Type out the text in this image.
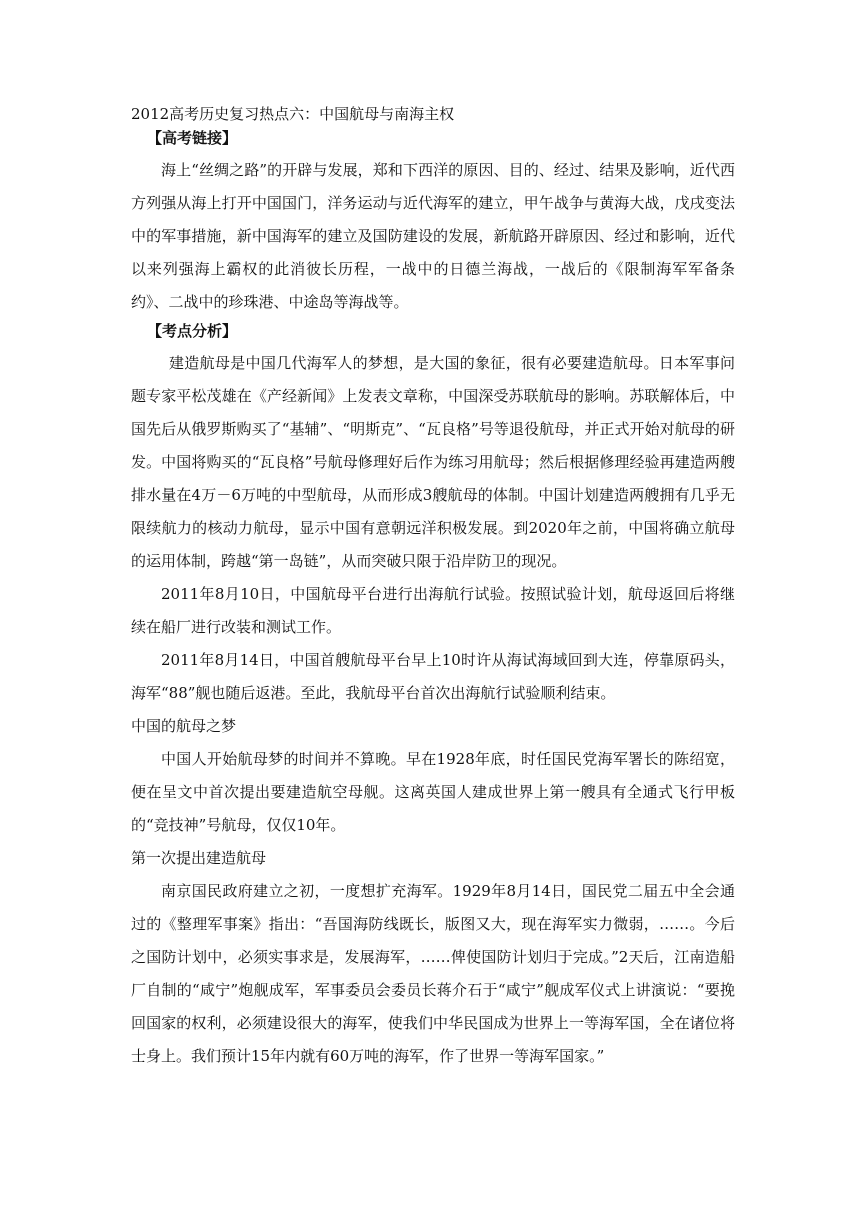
2012高考历史复习热点六：中国航母与南海主权

【高考链接】

海上“丝绸之路”的开辟与发展，郑和下西洋的原因、目的、经过、结果及影响，近代西方列强从海上打开中国国门，洋务运动与近代海军的建立，甲午战争与黄海大战，戊戌变法中的军事措施，新中国海军的建立及国防建设的发展，新航路开辟原因、经过和影响，近代以来列强海上霸权的此消彼长历程，一战中的日德兰海战，一战后的《限制海军军备条约》、二战中的珍珠港、中途岛等海战等。

【考点分析】

建造航母是中国几代海军人的梦想，是大国的象征，很有必要建造航母。日本军事问题专家平松茂雄在《产经新闻》上发表文章称，中国深受苏联航母的影响。苏联解体后，中国先后从俄罗斯购买了“基辅”、“明斯克”、“瓦良格”号等退役航母，并正式开始对航母的研发。中国将购买的“瓦良格”号航母修理好后作为练习用航母；然后根据修理经验再建造两艘排水量在4万－6万吨的中型航母，从而形成3艘航母的体制。中国计划建造两艘拥有几乎无限续航力的核动力航母，显示中国有意朝远洋积极发展。到2020年之前，中国将确立航母的运用体制，跨越“第一岛链”，从而突破只限于沿岸防卫的现况。

2011年8月10日，中国航母平台进行出海航行试验。按照试验计划，航母返回后将继续在船厂进行改装和测试工作。

2011年8月14日，中国首艘航母平台早上10时许从海试海域回到大连，停靠原码头，海军“88”舰也随后返港。至此，我航母平台首次出海航行试验顺利结束。

中国的航母之梦

中国人开始航母梦的时间并不算晚。早在1928年底，时任国民党海军署长的陈绍宽，便在呈文中首次提出要建造航空母舰。这离英国人建成世界上第一艘具有全通式飞行甲板的“竞技神”号航母，仅仅10年。

第一次提出建造航母

南京国民政府建立之初，一度想扩充海军。1929年8月14日，国民党二届五中全会通过的《整理军事案》指出：“吾国海防线既长，版图又大，现在海军实力微弱，……。今后之国防计划中，必须实事求是，发展海军，……俾使国防计划归于完成。”2天后，江南造船厂自制的“咸宁”炮舰成军，军事委员会委员长蒋介石于“咸宁”舰成军仪式上讲演说：“要挽回国家的权利，必须建设很大的海军，使我们中华民国成为世界上一等海军国，全在诸位将士身上。我们预计15年内就有60万吨的海军，作了世界一等海军国家。”
